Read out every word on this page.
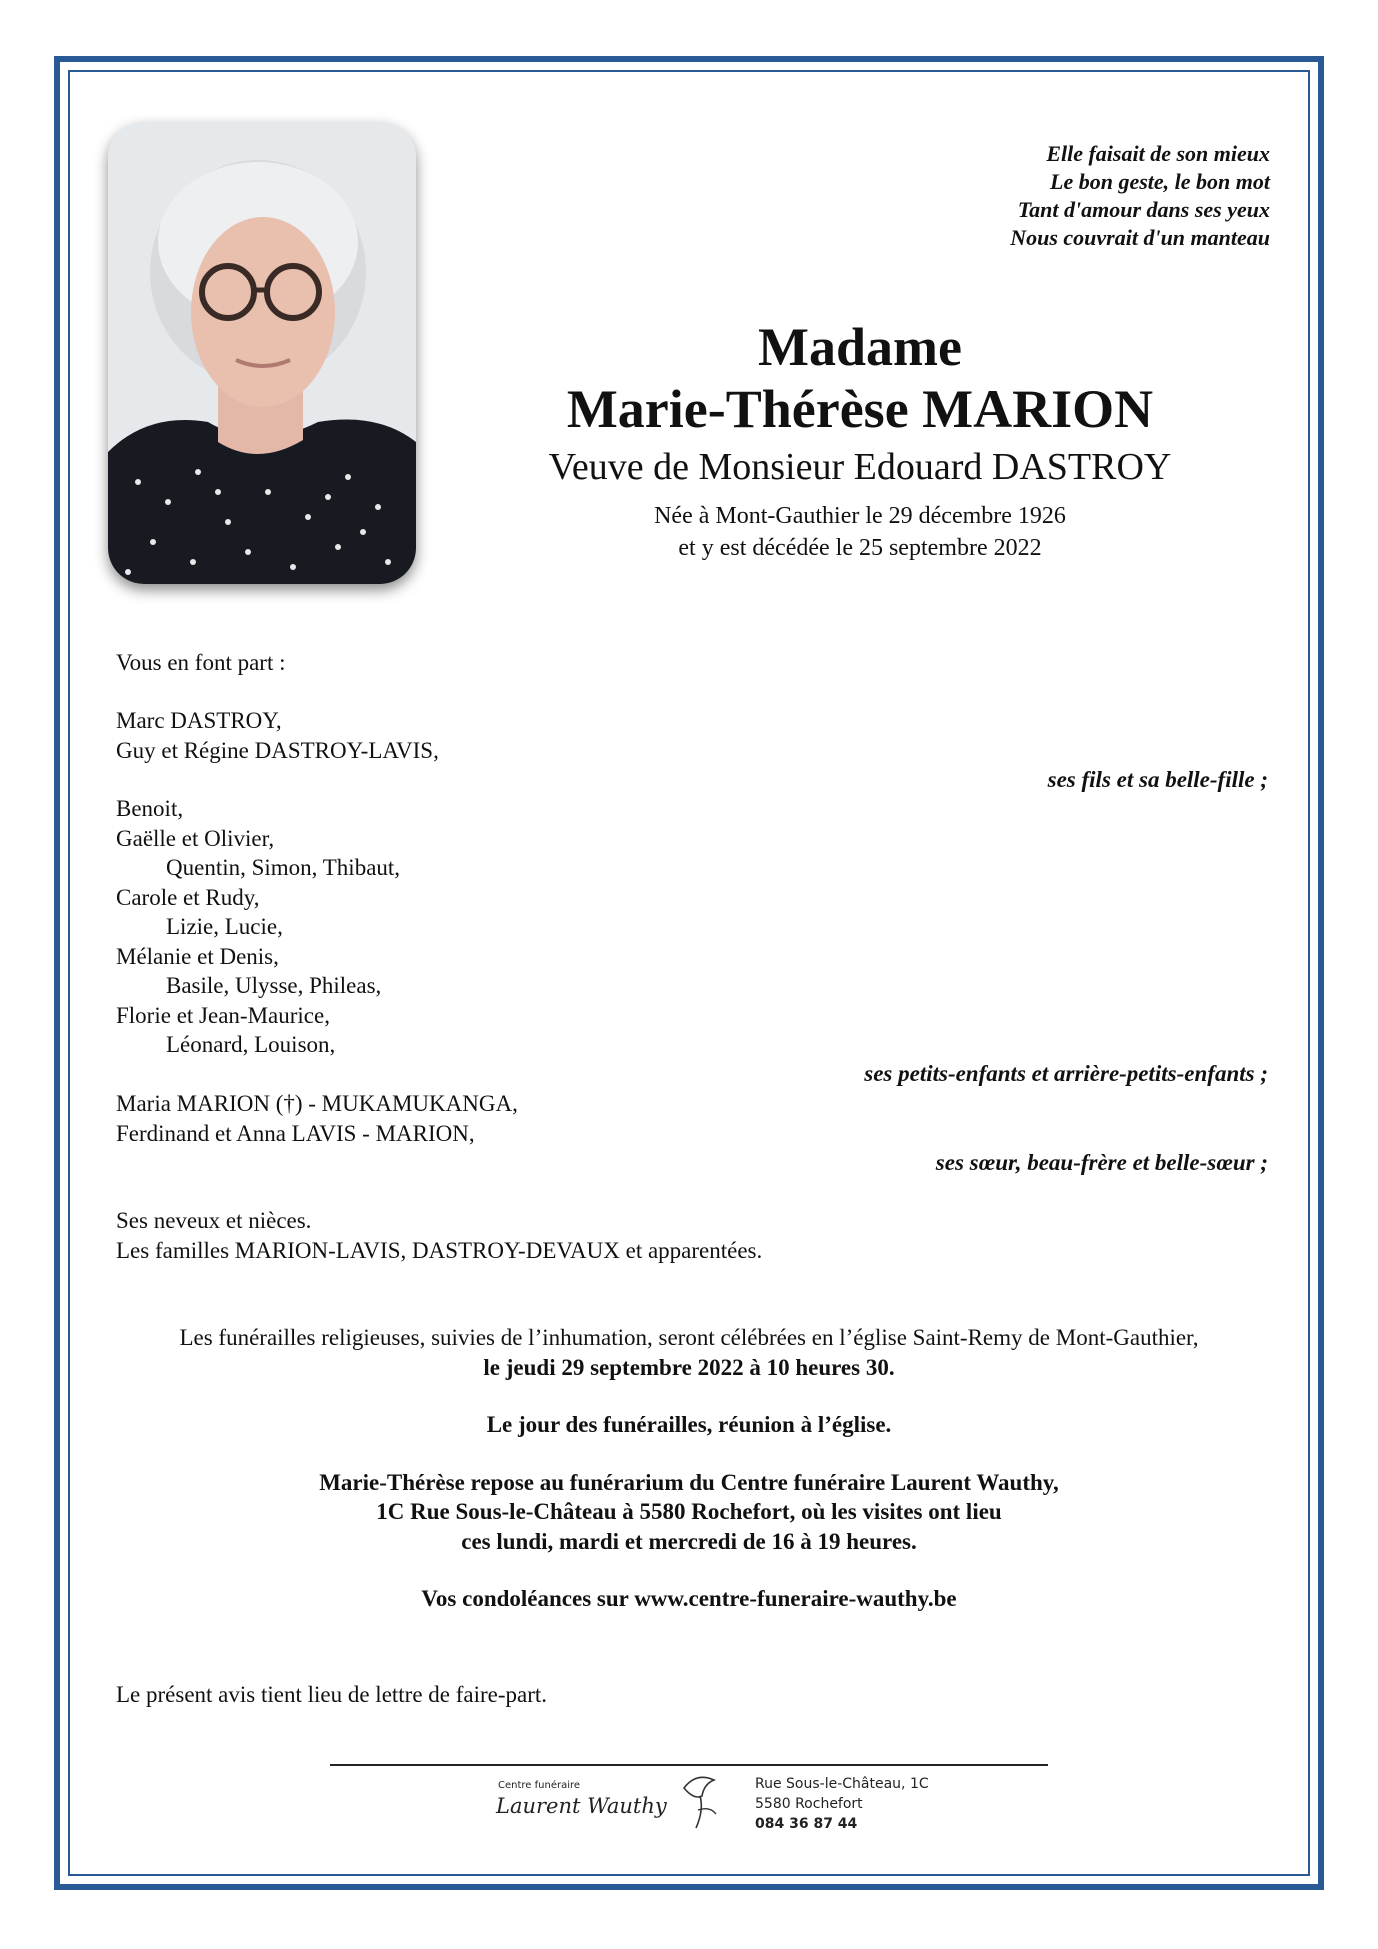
Elle faisait de son mieux
Le bon geste, le bon mot
Tant d'amour dans ses yeux
Nous couvrait d'un manteau
Madame
Marie-Thérèse MARION
Veuve de Monsieur Edouard DASTROY
Née à Mont-Gauthier le 29 décembre 1926
et y est décédée le 25 septembre 2022
Vous en font part :
Marc DASTROY,
Guy et Régine DASTROY-LAVIS,
ses fils et sa belle-fille ;
Benoit,
Gaëlle et Olivier,
Quentin, Simon, Thibaut,
Carole et Rudy,
Lizie, Lucie,
Mélanie et Denis,
Basile, Ulysse, Phileas,
Florie et Jean-Maurice,
Léonard, Louison,
ses petits-enfants et arrière-petits-enfants ;
Maria MARION (†) - MUKAMUKANGA,
Ferdinand et Anna LAVIS - MARION,
ses sœur, beau-frère et belle-sœur ;
Ses neveux et nièces.
Les familles MARION-LAVIS, DASTROY-DEVAUX et apparentées.
Les funérailles religieuses, suivies de l’inhumation, seront célébrées en l’église Saint-Remy de Mont-Gauthier,
le jeudi 29 septembre 2022 à 10 heures 30.
Le jour des funérailles, réunion à l’église.
Marie-Thérèse repose au funérarium du Centre funéraire Laurent Wauthy,
1C Rue Sous-le-Château à 5580 Rochefort, où les visites ont lieu
ces lundi, mardi et mercredi de 16 à 19 heures.
Vos condoléances sur www.centre-funeraire-wauthy.be
Le présent avis tient lieu de lettre de faire-part.
Centre funéraire
Laurent Wauthy
Rue Sous-le-Château, 1C
5580 Rochefort
084 36 87 44
